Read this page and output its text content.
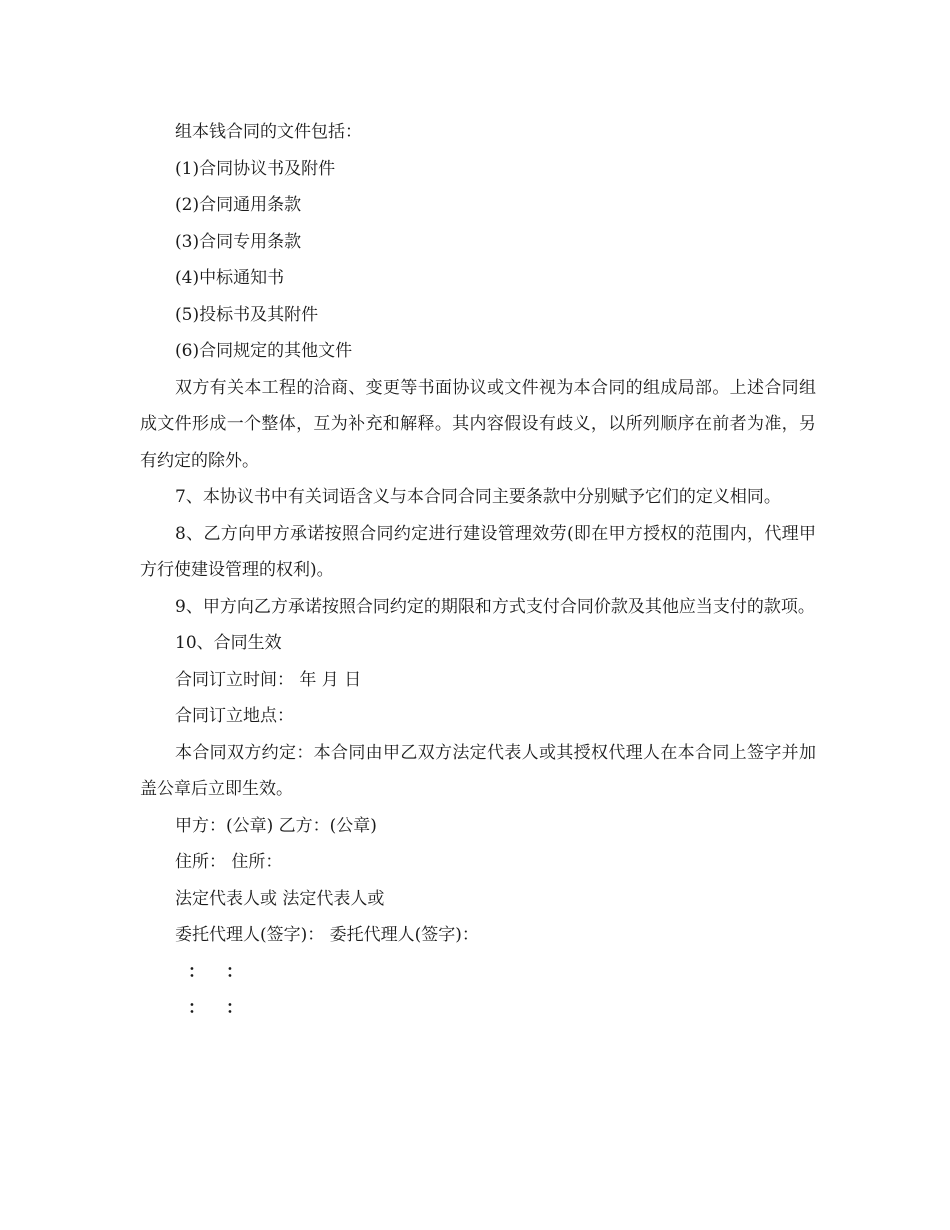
组本钱合同的文件包括：

(1)合同协议书及附件

(2)合同通用条款

(3)合同专用条款

(4)中标通知书

(5)投标书及其附件

(6)合同规定的其他文件

双方有关本工程的洽商、变更等书面协议或文件视为本合同的组成局部。上述合同组成文件形成一个整体，互为补充和解释。其内容假设有歧义，以所列顺序在前者为准，另有约定的除外。

7、本协议书中有关词语含义与本合同合同主要条款中分别赋予它们的定义相同。

8、乙方向甲方承诺按照合同约定进行建设管理效劳(即在甲方授权的范围内，代理甲方行使建设管理的权利)。

9、甲方向乙方承诺按照合同约定的期限和方式支付合同价款及其他应当支付的款项。

10、合同生效

合同订立时间： 年 月 日

合同订立地点：

本合同双方约定：本合同由甲乙双方法定代表人或其授权代理人在本合同上签字并加盖公章后立即生效。

甲方：(公章) 乙方：(公章)

住所： 住所：

法定代表人或 法定代表人或

委托代理人(签字)： 委托代理人(签字)：

： ：
： ：
